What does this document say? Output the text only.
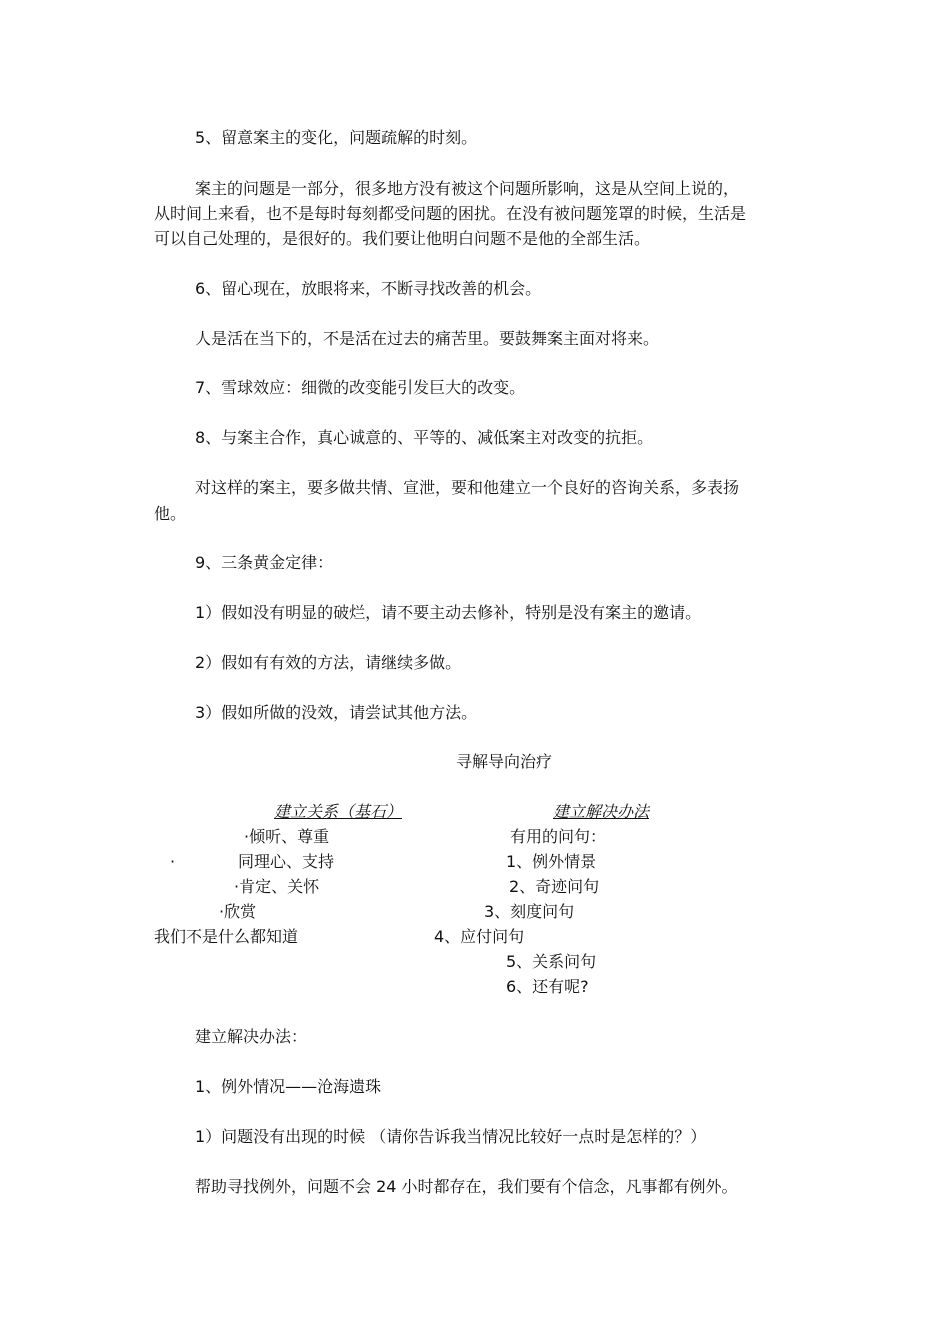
5、留意案主的变化，问题疏解的时刻。
案主的问题是一部分，很多地方没有被这个问题所影响，这是从空间上说的，
从时间上来看，也不是每时每刻都受问题的困扰。在没有被问题笼罩的时候，生活是
可以自己处理的，是很好的。我们要让他明白问题不是他的全部生活。
6、留心现在，放眼将来，不断寻找改善的机会。
人是活在当下的，不是活在过去的痛苦里。要鼓舞案主面对将来。
7、雪球效应：细微的改变能引发巨大的改变。
8、与案主合作，真心诚意的、平等的、减低案主对改变的抗拒。
对这样的案主，要多做共情、宣泄，要和他建立一个良好的咨询关系，多表扬
他。
9、三条黄金定律：
1）假如没有明显的破烂，请不要主动去修补，特别是没有案主的邀请。
2）假如有有效的方法，请继续多做。
3）假如所做的没效，请尝试其他方法。
寻解导向治疗
建立关系（基石）
·倾听、尊重
·	同理心、支持
·肯定、关怀
·欣赏
我们不是什么都知道
建立解决办法
有用的问句：
1、例外情景
2、奇迹问句
3、刻度问句
4、应付问句
5、关系问句
6、还有呢?
建立解决办法：
1、例外情况——沧海遗珠
1）问题没有出现的时候 （请你告诉我当情况比较好一点时是怎样的？）
帮助寻找例外，问题不会 24 小时都存在，我们要有个信念，凡事都有例外。
